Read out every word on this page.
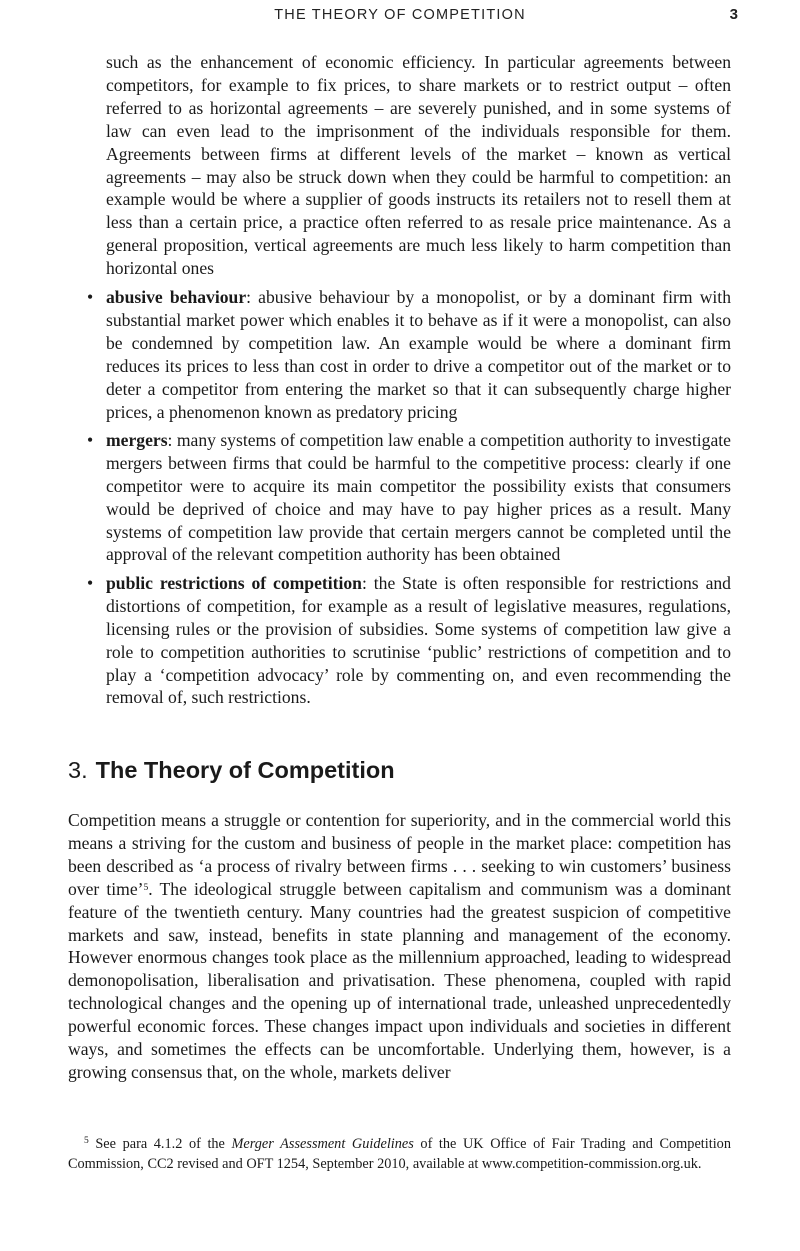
THE THEORY OF COMPETITION	3

such as the enhancement of economic efficiency. In particular agreements between competitors, for example to fix prices, to share markets or to restrict output – often referred to as horizontal agreements – are severely punished, and in some systems of law can even lead to the imprisonment of the individuals responsible for them. Agreements between firms at different levels of the market – known as vertical agreements – may also be struck down when they could be harmful to competition: an example would be where a supplier of goods instructs its retailers not to resell them at less than a certain price, a practice often referred to as resale price maintenance. As a general proposition, vertical agreements are much less likely to harm competition than horizontal ones

• abusive behaviour: abusive behaviour by a monopolist, or by a dominant firm with substantial market power which enables it to behave as if it were a monopolist, can also be condemned by competition law. An example would be where a dominant firm reduces its prices to less than cost in order to drive a competitor out of the market or to deter a competitor from entering the market so that it can subsequently charge higher prices, a phenomenon known as predatory pricing
• mergers: many systems of competition law enable a competition authority to investigate mergers between firms that could be harmful to the competitive process: clearly if one competitor were to acquire its main competitor the possibility exists that consumers would be deprived of choice and may have to pay higher prices as a result. Many systems of competition law provide that certain mergers cannot be completed until the approval of the relevant competition authority has been obtained
• public restrictions of competition: the State is often responsible for restrictions and distortions of competition, for example as a result of legislative measures, regulations, licensing rules or the provision of subsidies. Some systems of competition law give a role to competition authorities to scrutinise ‘public’ restrictions of competition and to play a ‘competition advocacy’ role by commenting on, and even recommending the removal of, such restrictions.
3. The Theory of Competition

Competition means a struggle or contention for superiority, and in the commercial world this means a striving for the custom and business of people in the market place: competition has been described as ‘a process of rivalry between firms . . . seeking to win customers’ business over time’$^5$. The ideological struggle between capitalism and communism was a dominant feature of the twentieth century. Many countries had the greatest suspicion of competitive markets and saw, instead, benefits in state planning and management of the economy. However enormous changes took place as the millennium approached, leading to widespread demonopolisation, liberalisation and privatisation. These phenomena, coupled with rapid technological changes and the opening up of international trade, unleashed unprecedentedly powerful economic forces. These changes impact upon individuals and societies in different ways, and sometimes the effects can be uncomfortable. Underlying them, however, is a growing consensus that, on the whole, markets deliver

$^5$ See para 4.1.2 of the Merger Assessment Guidelines of the UK Office of Fair Trading and Competition Commission, CC2 revised and OFT 1254, September 2010, available at www.competition-commission.org.uk.
